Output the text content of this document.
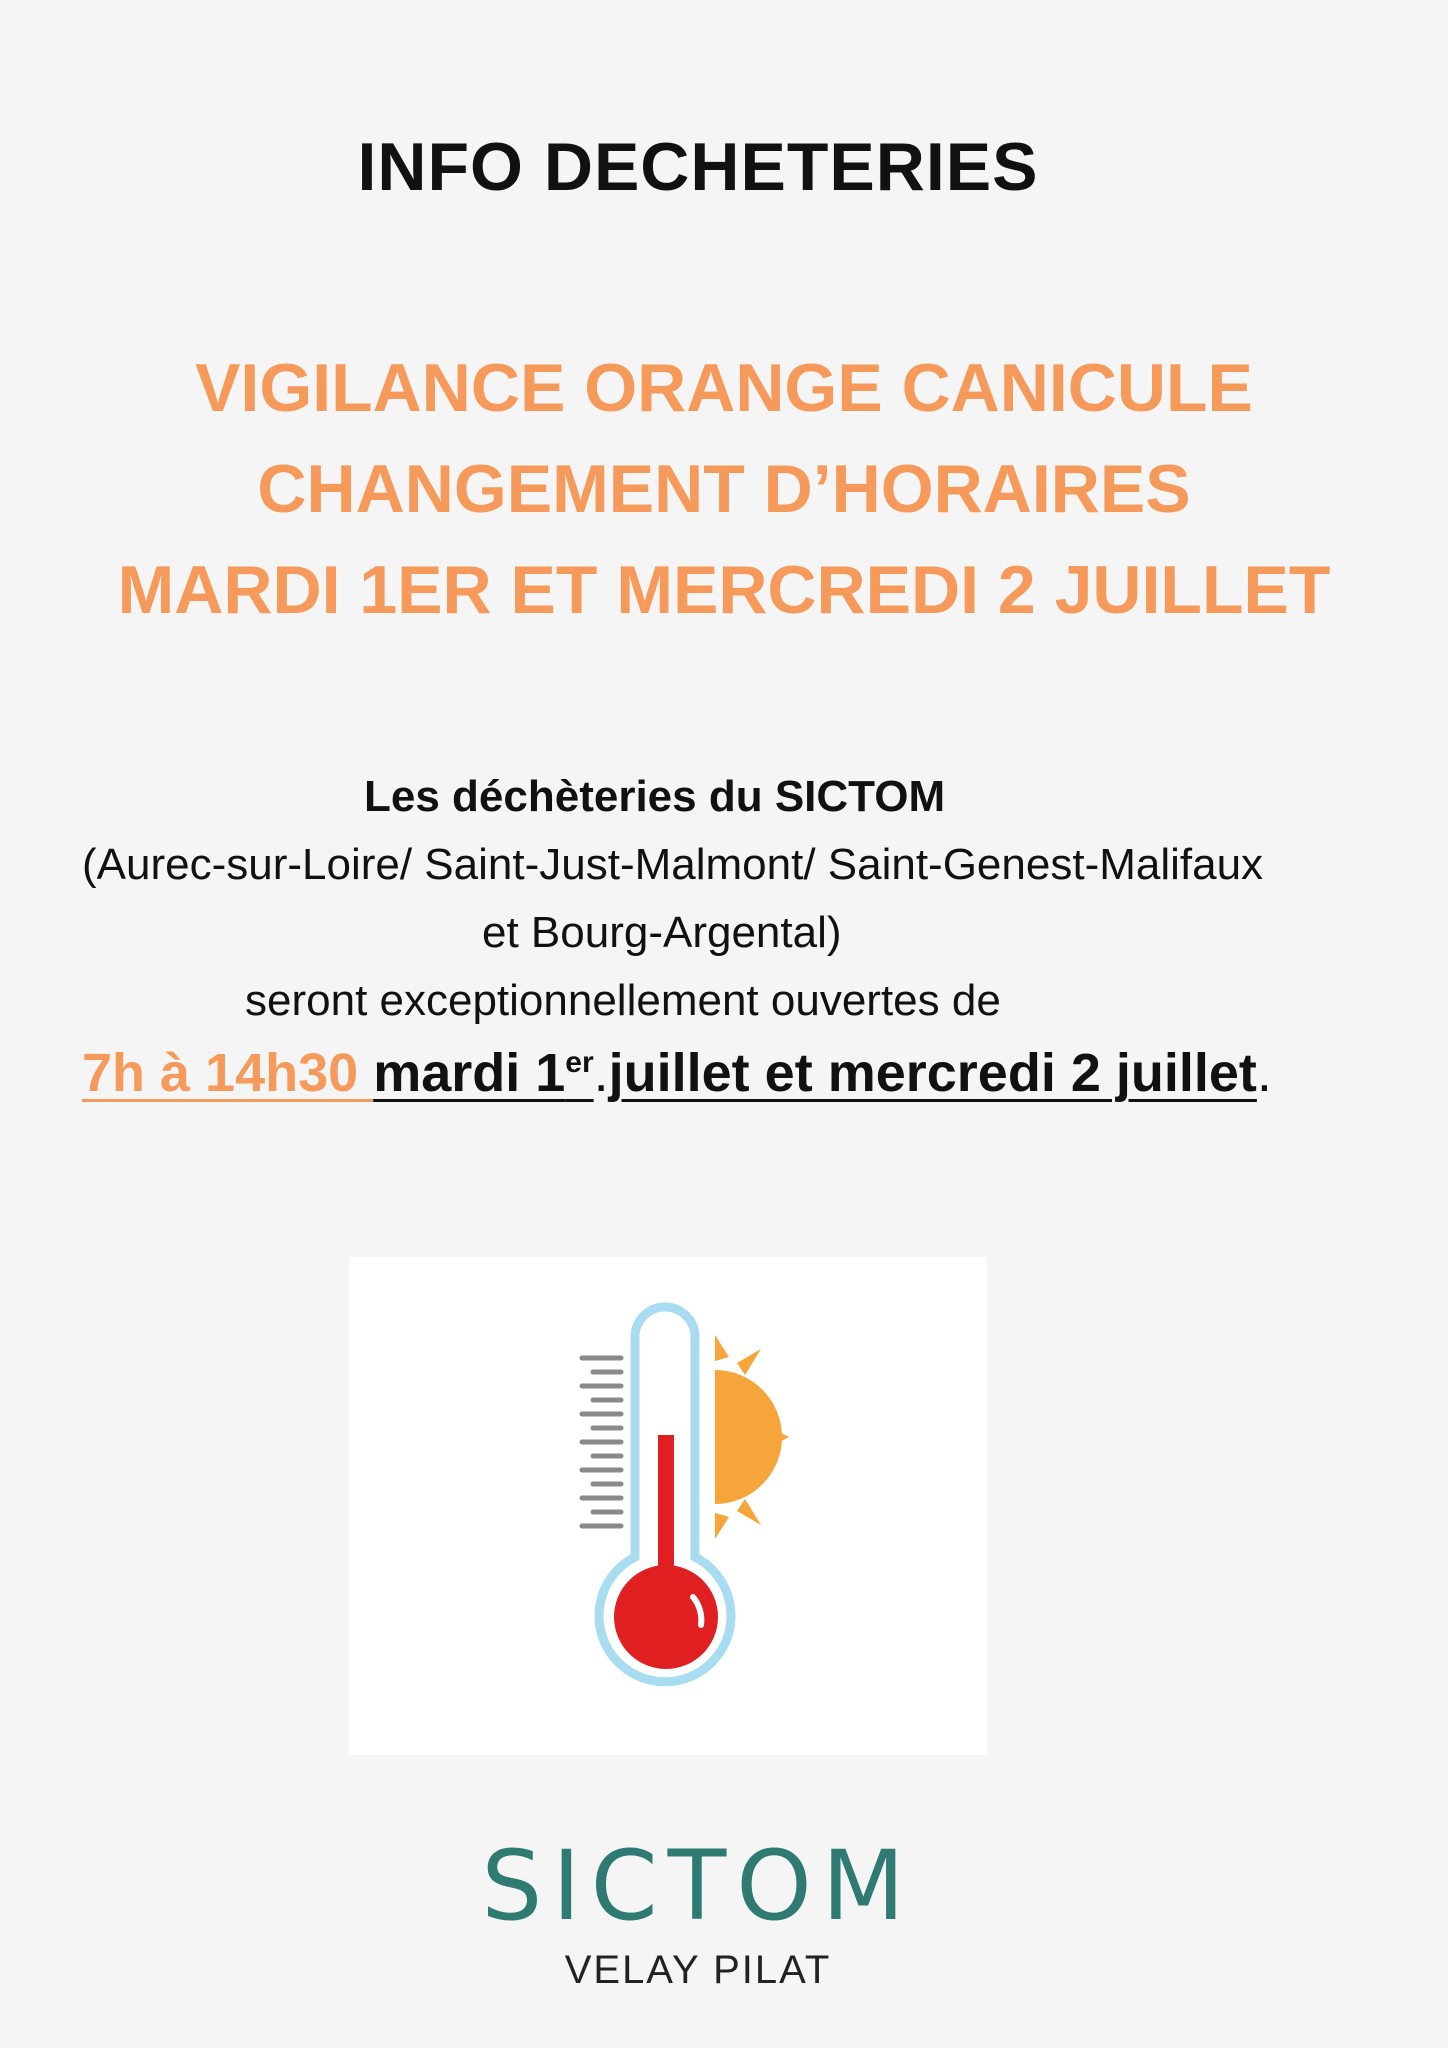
INFO DECHETERIES
VIGILANCE ORANGE CANICULE
CHANGEMENT D’HORAIRES
MARDI 1ER ET MERCREDI 2 JUILLET
Les déchèteries du SICTOM
(Aurec-sur-Loire/ Saint-Just-Malmont/ Saint-Genest-Malifaux
et Bourg-Argental)
seront exceptionnellement ouvertes de
7h à 14h30 mardi 1er.juillet et mercredi 2 juillet.
SICTOM
VELAY PILAT
